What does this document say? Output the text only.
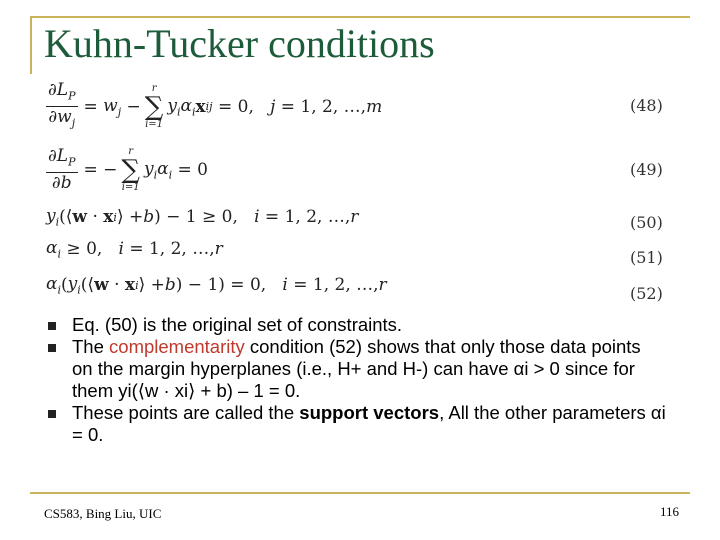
Kuhn-Tucker conditions
$\frac{\partial L_P}{\partial w_j}$ =
$w_j$
−
r
∑
i=1
$y_i\alpha_i$ x ij
= 0, j = 1, 2, …, m	(48)
$\frac{\partial L_P}{\partial b}$ = −
r
∑
i=1
$y_i\alpha_i$
= 0	(49)
$y_i$ (⟨ w · x i ⟩ + b ) − 1 ≥ 0, i = 1, 2, …, r	(50)
$\alpha_i \ge 0$, i = 1, 2, …, r	(51)
$\alpha_i$ ( $y_i$ (⟨ w · x i ⟩ + b ) − 1) = 0, i = 1, 2, …, r	(52)
Eq. (50) is the original set of constraints.
The complementarity condition (52) shows that only those data points on the margin hyperplanes (i.e., H+ and H-) can have αi > 0 since for them yi(⟨w · xi⟩ + b) – 1 = 0.
These points are called the support vectors, All the other parameters αi = 0.
CS583, Bing Liu, UIC	116
